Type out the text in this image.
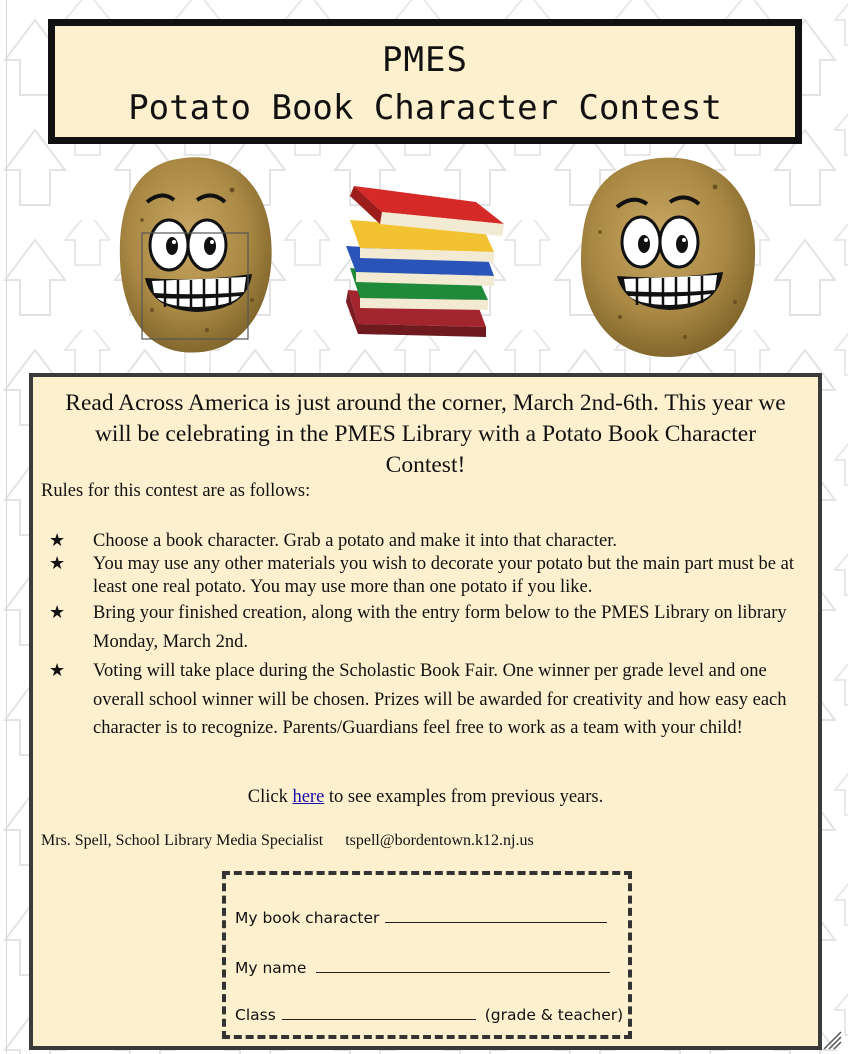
PMES
Potato Book Character Contest
Read Across America is just around the corner, March 2nd-6th. This year we will be celebrating in the PMES Library with a Potato Book Character Contest!
Rules for this contest are as follows:
★ Choose a book character. Grab a potato and make it into that character.
★ You may use any other materials you wish to decorate your potato but the main part must be at least one real potato. You may use more than one potato if you like.
★ Bring your finished creation, along with the entry form below to the PMES Library on library Monday, March 2nd.
★ Voting will take place during the Scholastic Book Fair. One winner per grade level and one overall school winner will be chosen. Prizes will be awarded for creativity and how easy each character is to recognize. Parents/Guardians feel free to work as a team with your child!
Click here to see examples from previous years.
Mrs. Spell, School Library Media Specialist tspell@bordentown.k12.nj.us
My book character
My name
Class	(grade & teacher)
